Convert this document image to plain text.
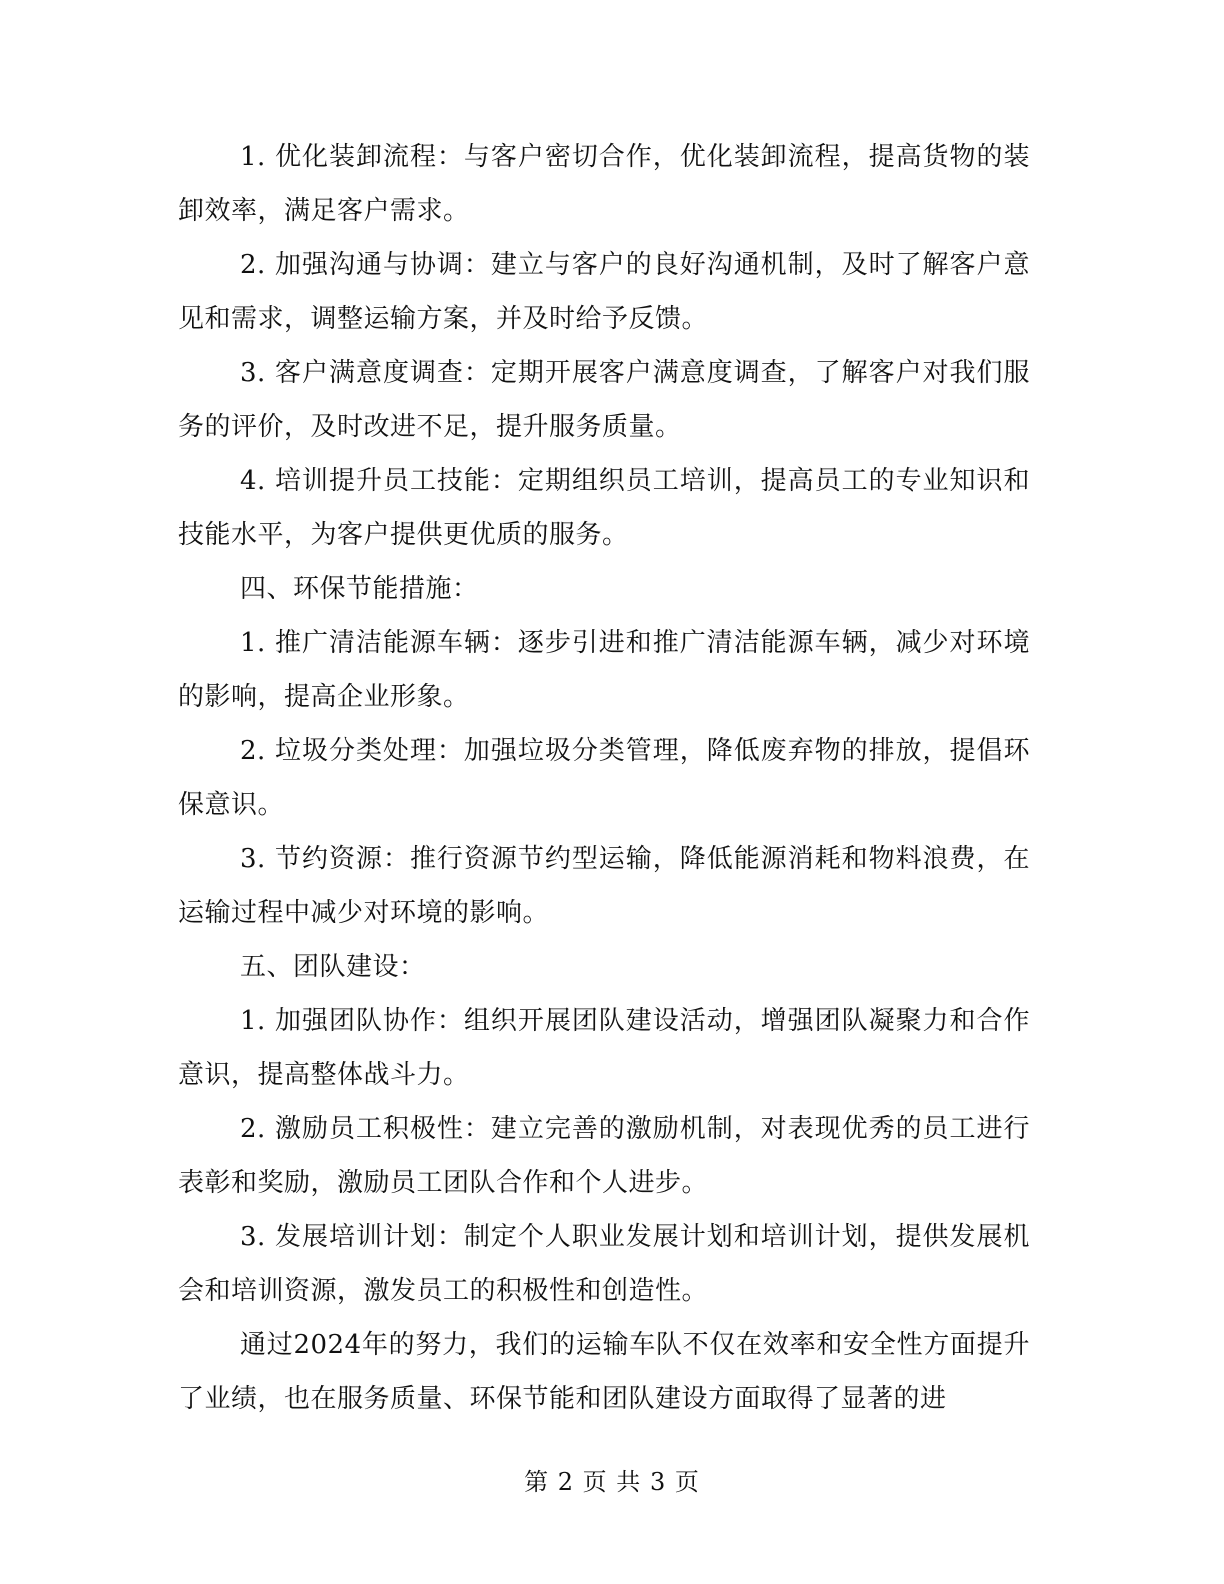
1. 优化装卸流程：与客户密切合作，优化装卸流程，提高货物的装卸效率，满足客户需求。

2. 加强沟通与协调：建立与客户的良好沟通机制，及时了解客户意见和需求，调整运输方案，并及时给予反馈。

3. 客户满意度调查：定期开展客户满意度调查，了解客户对我们服务的评价，及时改进不足，提升服务质量。

4. 培训提升员工技能：定期组织员工培训，提高员工的专业知识和技能水平，为客户提供更优质的服务。

四、环保节能措施：

1. 推广清洁能源车辆：逐步引进和推广清洁能源车辆，减少对环境的影响，提高企业形象。

2. 垃圾分类处理：加强垃圾分类管理，降低废弃物的排放，提倡环保意识。

3. 节约资源：推行资源节约型运输，降低能源消耗和物料浪费，在运输过程中减少对环境的影响。

五、团队建设：

1. 加强团队协作：组织开展团队建设活动，增强团队凝聚力和合作意识，提高整体战斗力。

2. 激励员工积极性：建立完善的激励机制，对表现优秀的员工进行表彰和奖励，激励员工团队合作和个人进步。

3. 发展培训计划：制定个人职业发展计划和培训计划，提供发展机会和培训资源，激发员工的积极性和创造性。

通过2024年的努力，我们的运输车队不仅在效率和安全性方面提升了业绩，也在服务质量、环保节能和团队建设方面取得了显著的进

第 2 页 共 3 页
